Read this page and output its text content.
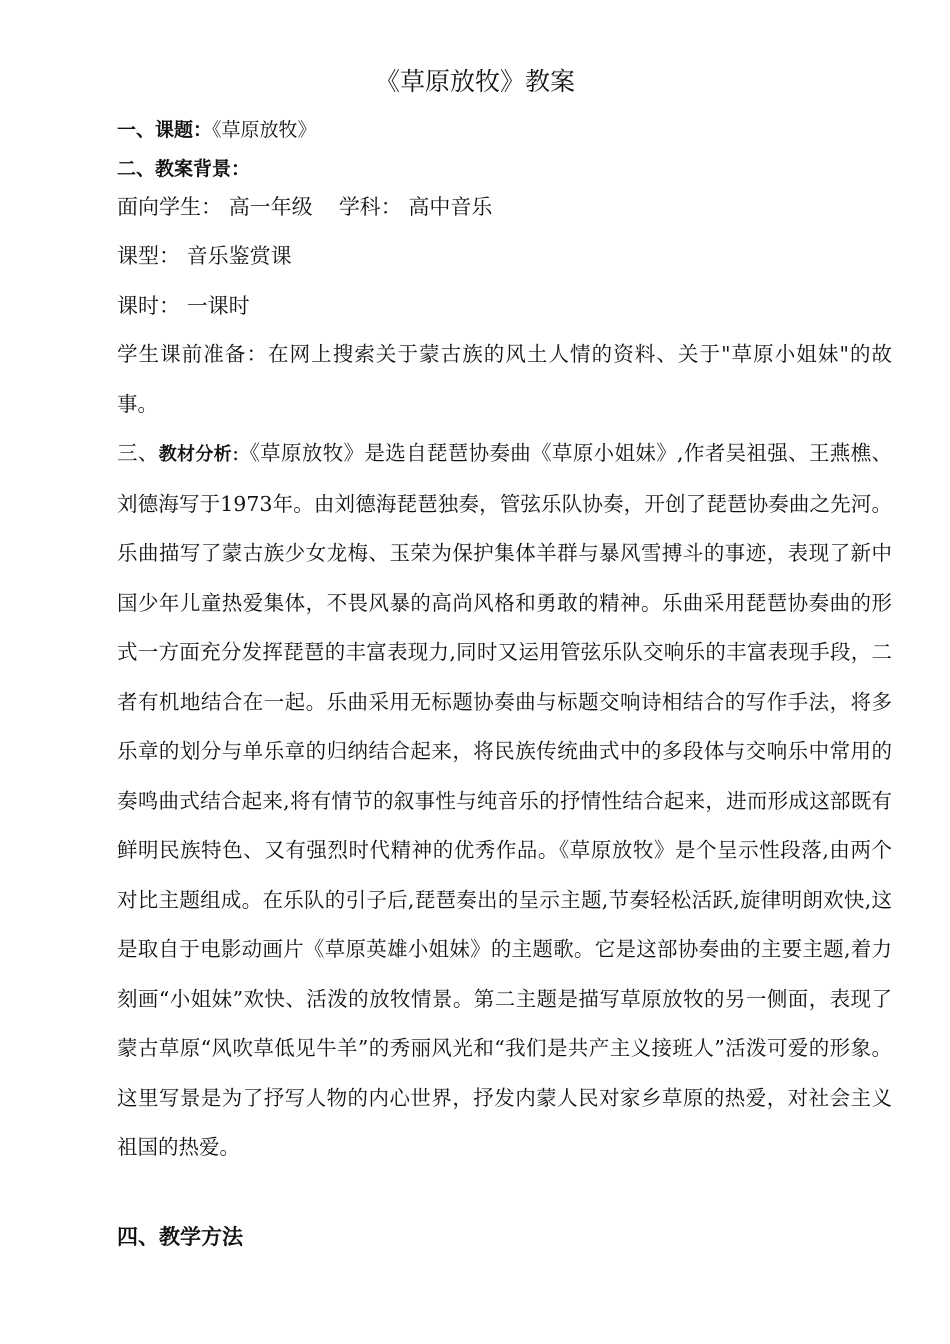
《草原放牧》教案
一、课题：《草原放牧》
二、教案背景：
面向学生： 高一年级 学科： 高中音乐
课型： 音乐鉴赏课
课时： 一课时
学生课前准备：在网上搜索关于蒙古族的风土人情的资料、关于"草原小姐妹"的故事。
三、教材分析:《草原放牧》是选自琵琶协奏曲《草原小姐妹》,作者吴祖强、王燕樵、刘德海写于1973年。由刘德海琵琶独奏，管弦乐队协奏，开创了琵琶协奏曲之先河。乐曲描写了蒙古族少女龙梅、玉荣为保护集体羊群与暴风雪搏斗的事迹，表现了新中国少年儿童热爱集体，不畏风暴的高尚风格和勇敢的精神。乐曲采用琵琶协奏曲的形式一方面充分发挥琵琶的丰富表现力,同时又运用管弦乐队交响乐的丰富表现手段，二者有机地结合在一起。乐曲采用无标题协奏曲与标题交响诗相结合的写作手法，将多乐章的划分与单乐章的归纳结合起来，将民族传统曲式中的多段体与交响乐中常用的奏鸣曲式结合起来,将有情节的叙事性与纯音乐的抒情性结合起来，进而形成这部既有鲜明民族特色、又有强烈时代精神的优秀作品。《草原放牧》是个呈示性段落,由两个对比主题组成。在乐队的引子后,琵琶奏出的呈示主题,节奏轻松活跃,旋律明朗欢快,这是取自于电影动画片《草原英雄小姐妹》的主题歌。它是这部协奏曲的主要主题,着力刻画“小姐妹”欢快、活泼的放牧情景。第二主题是描写草原放牧的另一侧面，表现了蒙古草原“风吹草低见牛羊”的秀丽风光和“我们是共产主义接班人”活泼可爱的形象。这里写景是为了抒写人物的内心世界，抒发内蒙人民对家乡草原的热爱，对社会主义祖国的热爱。
四、教学方法
